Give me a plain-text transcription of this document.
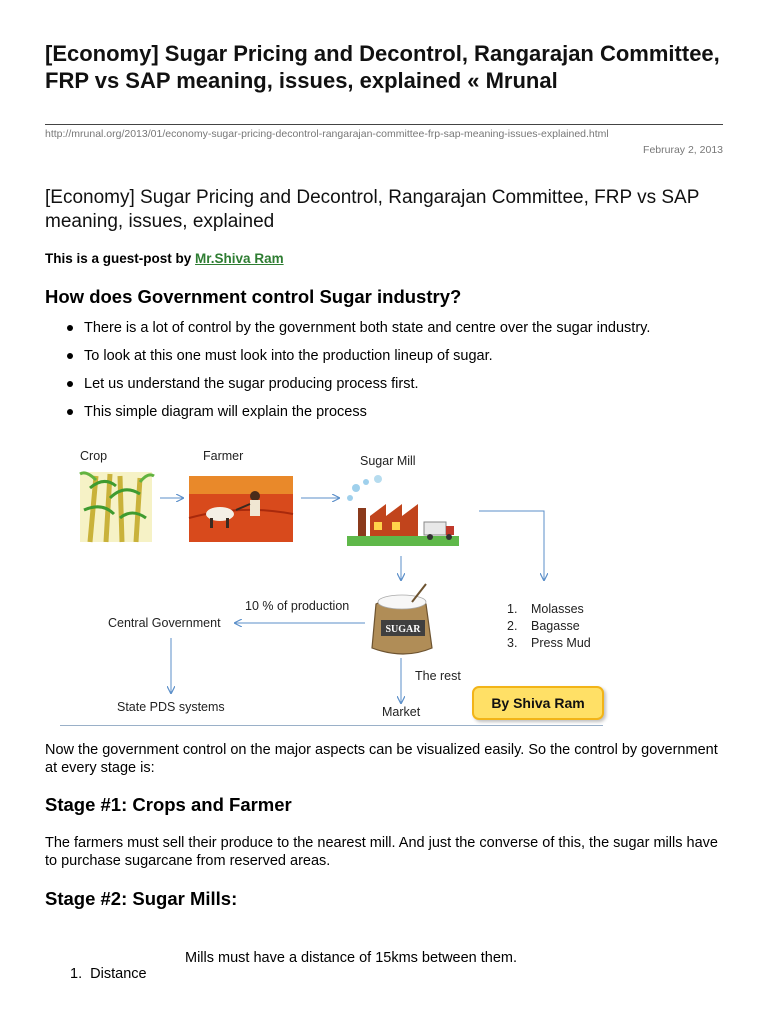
[Economy] Sugar Pricing and Decontrol, Rangarajan Committee, FRP vs SAP meaning, issues, explained « Mrunal
http://mrunal.org/2013/01/economy-sugar-pricing-decontrol-rangarajan-committee-frp-sap-meaning-issues-explained.html
Februray 2, 2013
[Economy] Sugar Pricing and Decontrol, Rangarajan Committee, FRP vs SAP meaning, issues, explained
This is a guest-post by Mr.Shiva Ram
How does Government control Sugar industry?
There is a lot of control by the government both state and centre over the sugar industry.
To look at this one must look into the production lineup of sugar.
Let us understand the sugar producing process first.
This simple diagram will explain the process
Crop	Farmer	Sugar Mill
SUGAR
10 % of production
Central Government
1. Molasses
2. Bagasse
3. Press Mud
The rest
State PDS systems	Market
By Shiva Ram
Now the government control on the major aspects can be visualized easily. So the control by government at every stage is:
Stage #1: Crops and Farmer
The farmers must sell their produce to the nearest mill. And just the converse of this, the sugar mills have to purchase sugarcane from reserved areas.
Stage #2: Sugar Mills:
Mills must have a distance of 15kms between them.
1.  Distance
